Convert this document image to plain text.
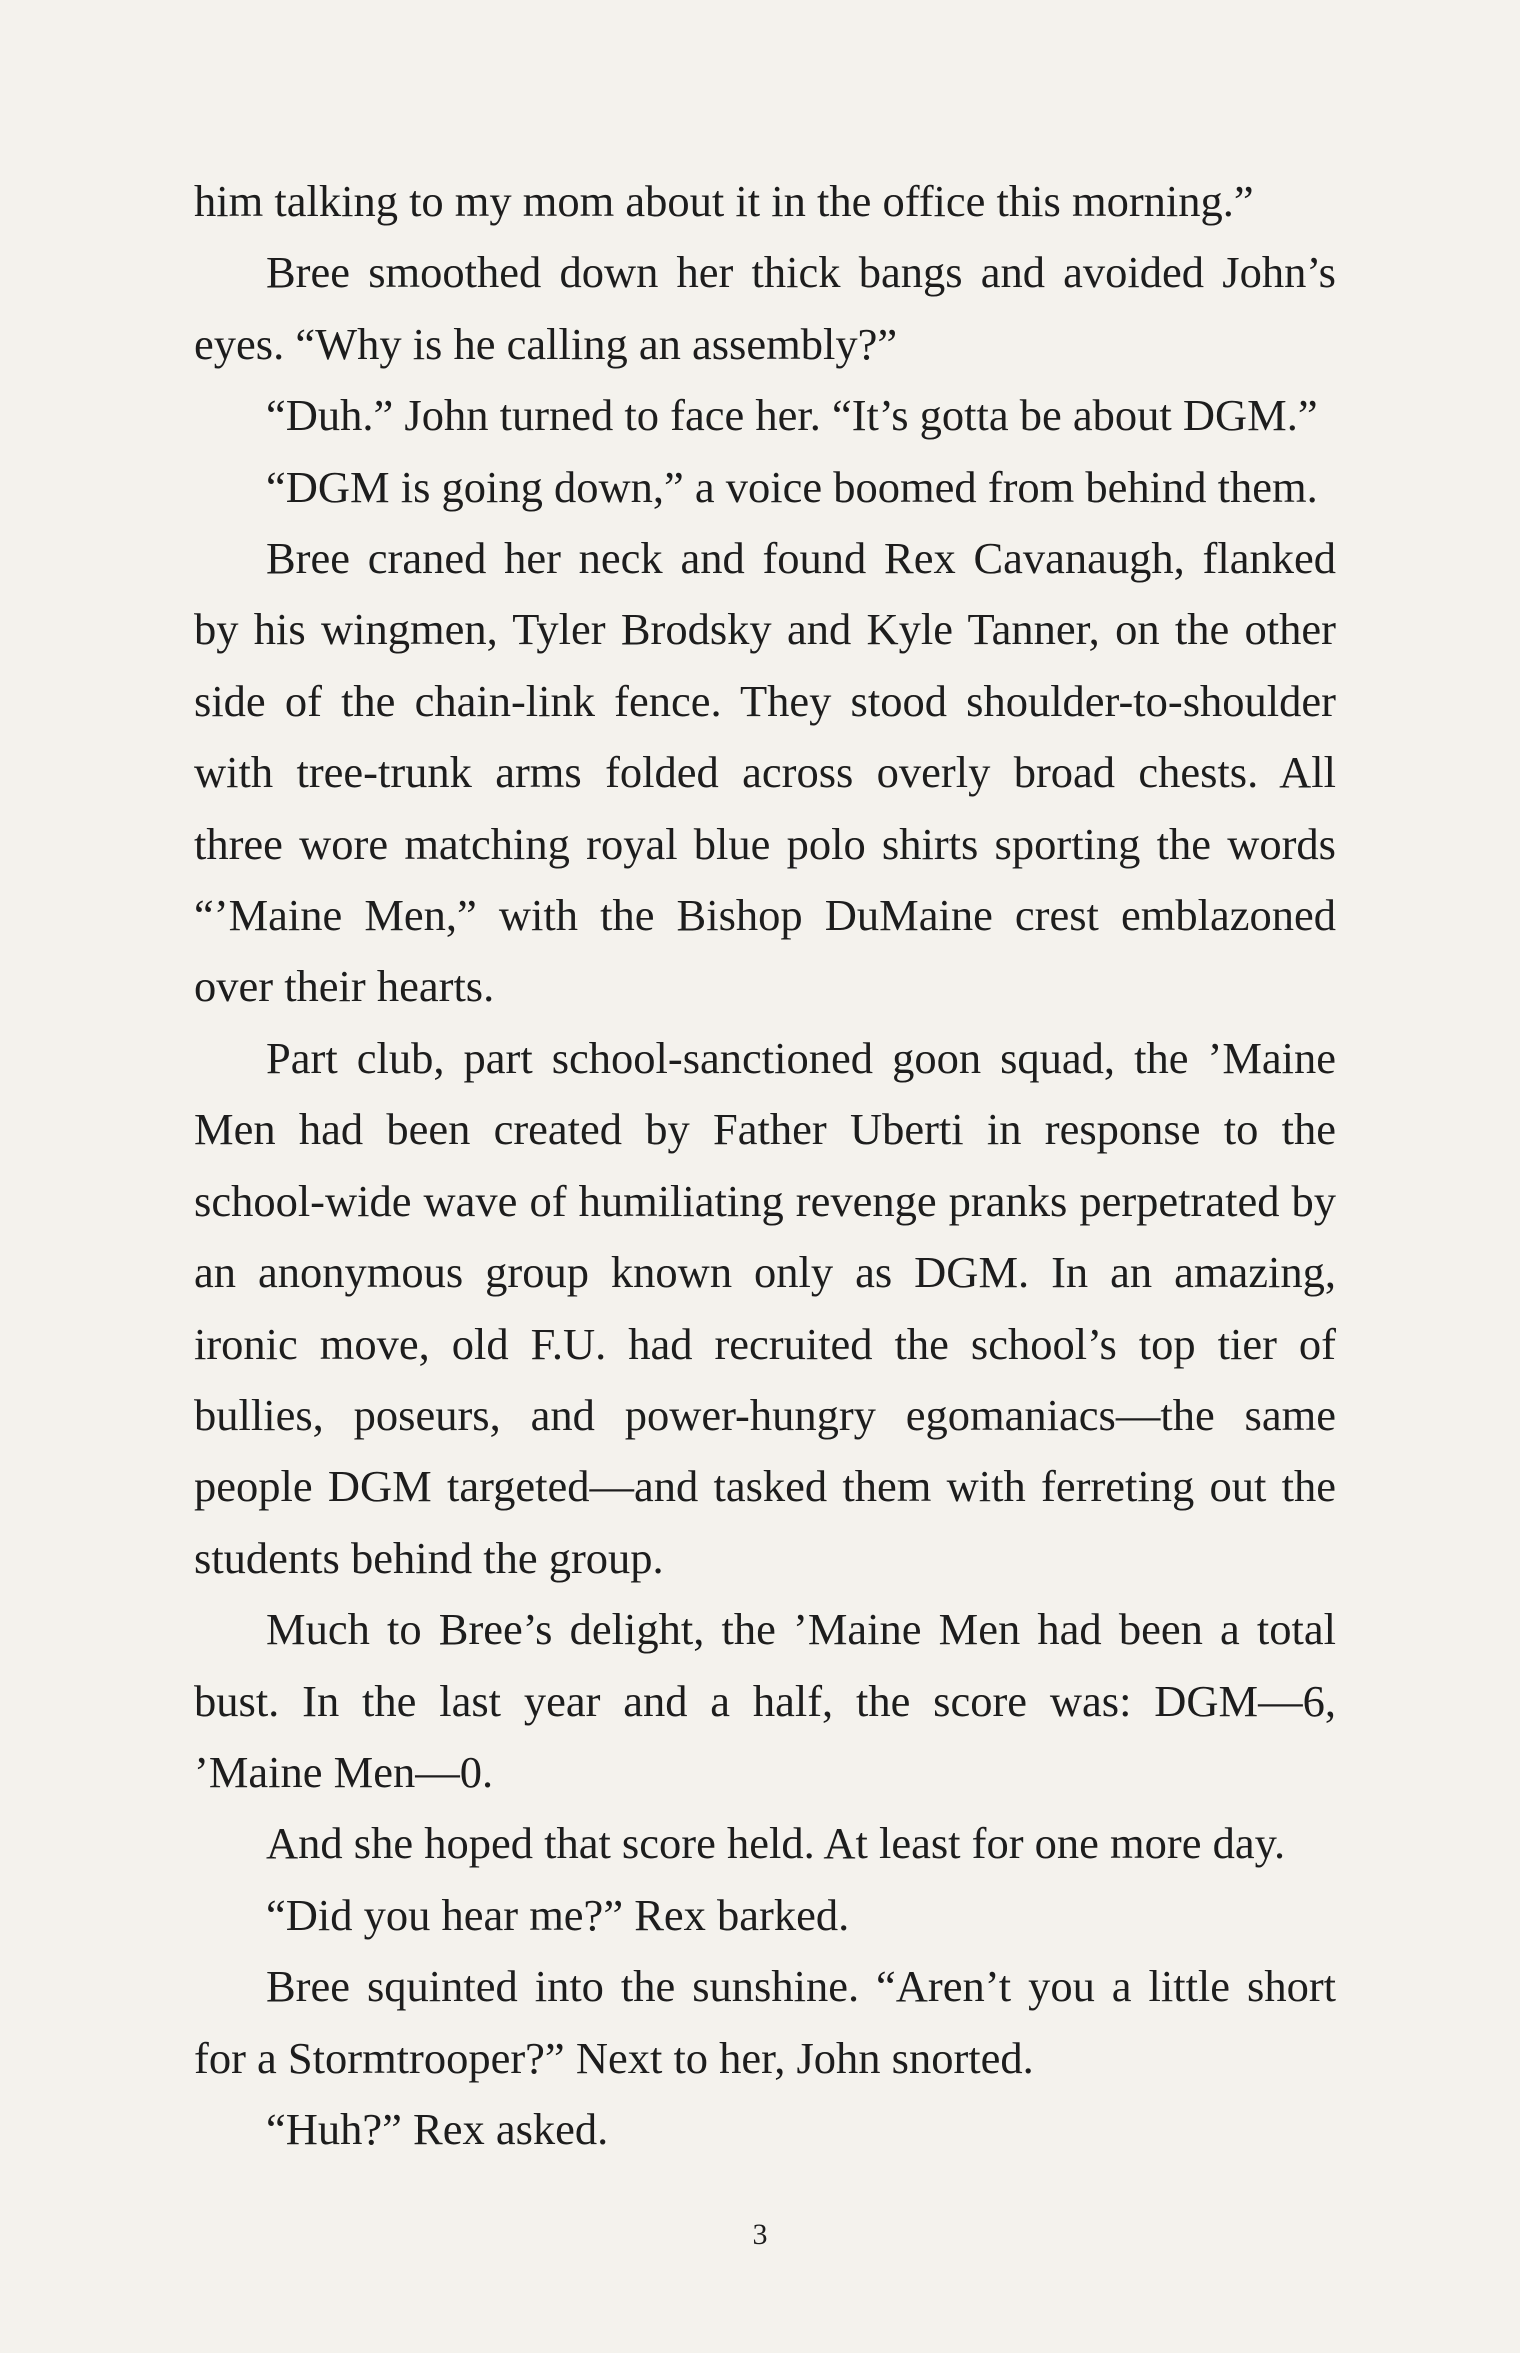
him talking to my mom about it in the office this morning.”

Bree smoothed down her thick bangs and avoided John’s eyes. “Why is he calling an assembly?”

“Duh.” John turned to face her. “It’s gotta be about DGM.”

“DGM is going down,” a voice boomed from behind them.

Bree craned her neck and found Rex Cavanaugh, flanked by his wingmen, Tyler Brodsky and Kyle Tanner, on the other side of the chain-link fence. They stood shoulder-to-shoulder with tree-trunk arms folded across overly broad chests. All three wore matching royal blue polo shirts sporting the words “’Maine Men,” with the Bishop DuMaine crest emblazoned over their hearts.

Part club, part school-sanctioned goon squad, the ’Maine Men had been created by Father Uberti in response to the school-wide wave of humiliating revenge pranks perpetrated by an anonymous group known only as DGM. In an amazing, ironic move, old F.U. had recruited the school’s top tier of bullies, poseurs, and power-hungry egomaniacs—the same people DGM targeted—and tasked them with ferreting out the students behind the group.

Much to Bree’s delight, the ’Maine Men had been a total bust. In the last year and a half, the score was: DGM—6, ’Maine Men—0.

And she hoped that score held. At least for one more day.

“Did you hear me?” Rex barked.

Bree squinted into the sunshine. “Aren’t you a little short for a Stormtrooper?” Next to her, John snorted.

“Huh?” Rex asked.

3
